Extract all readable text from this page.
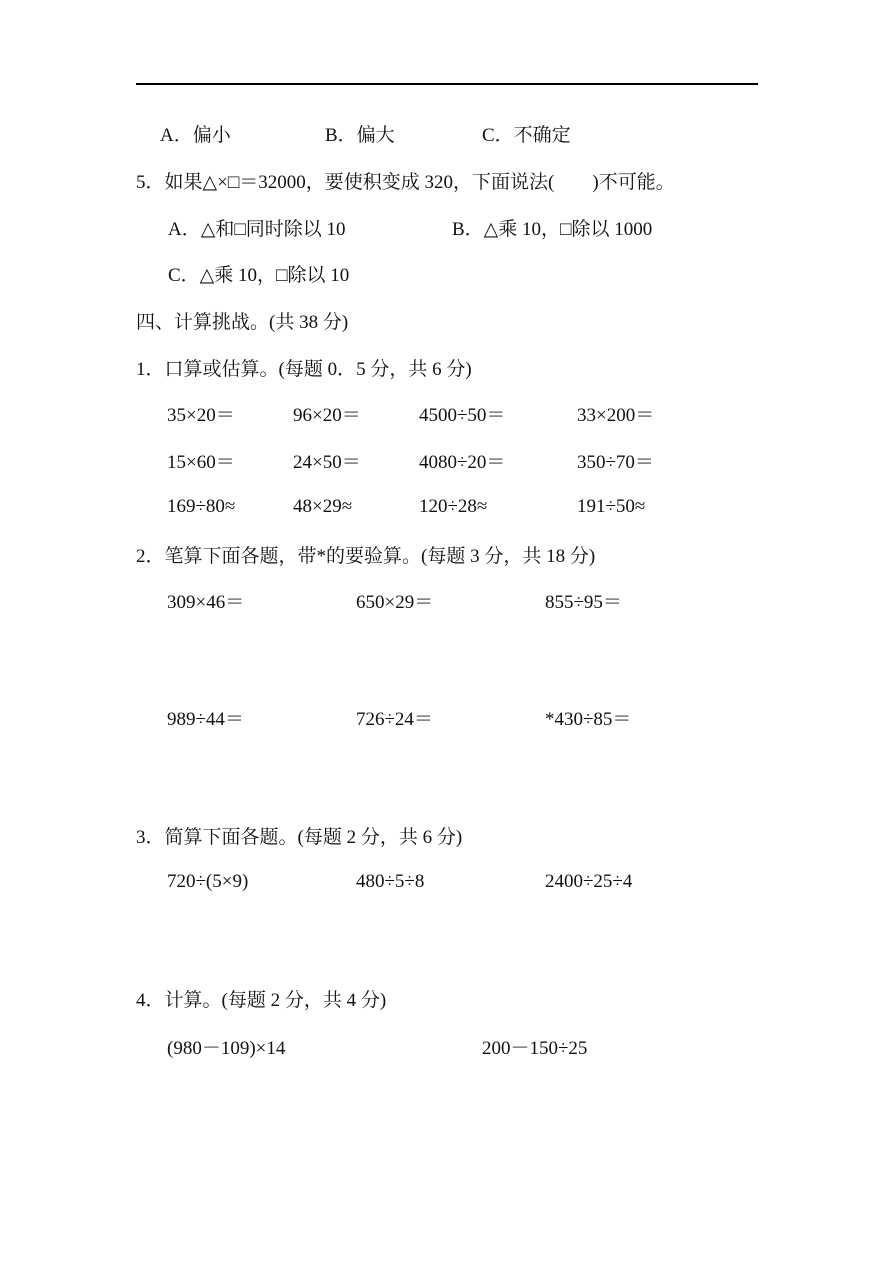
A．偏小	B．偏大	C．不确定
5．如果△×□＝32000，要使积变成 320，下面说法(　　)不可能。
A．△和□同时除以 10	B．△乘 10，□除以 1000
C．△乘 10，□除以 10
四、计算挑战。(共 38 分)
1．口算或估算。(每题 0．5 分，共 6 分)
35×20＝	96×20＝	4500÷50＝	33×200＝
15×60＝	24×50＝	4080÷20＝	350÷70＝
169÷80≈	48×29≈	120÷28≈	191÷50≈
2．笔算下面各题，带*的要验算。(每题 3 分，共 18 分)
309×46＝	650×29＝	855÷95＝
989÷44＝	726÷24＝	*430÷85＝
3．简算下面各题。(每题 2 分，共 6 分)
720÷(5×9)	480÷5÷8	2400÷25÷4
4．计算。(每题 2 分，共 4 分)
(980－109)×14	200－150÷25
